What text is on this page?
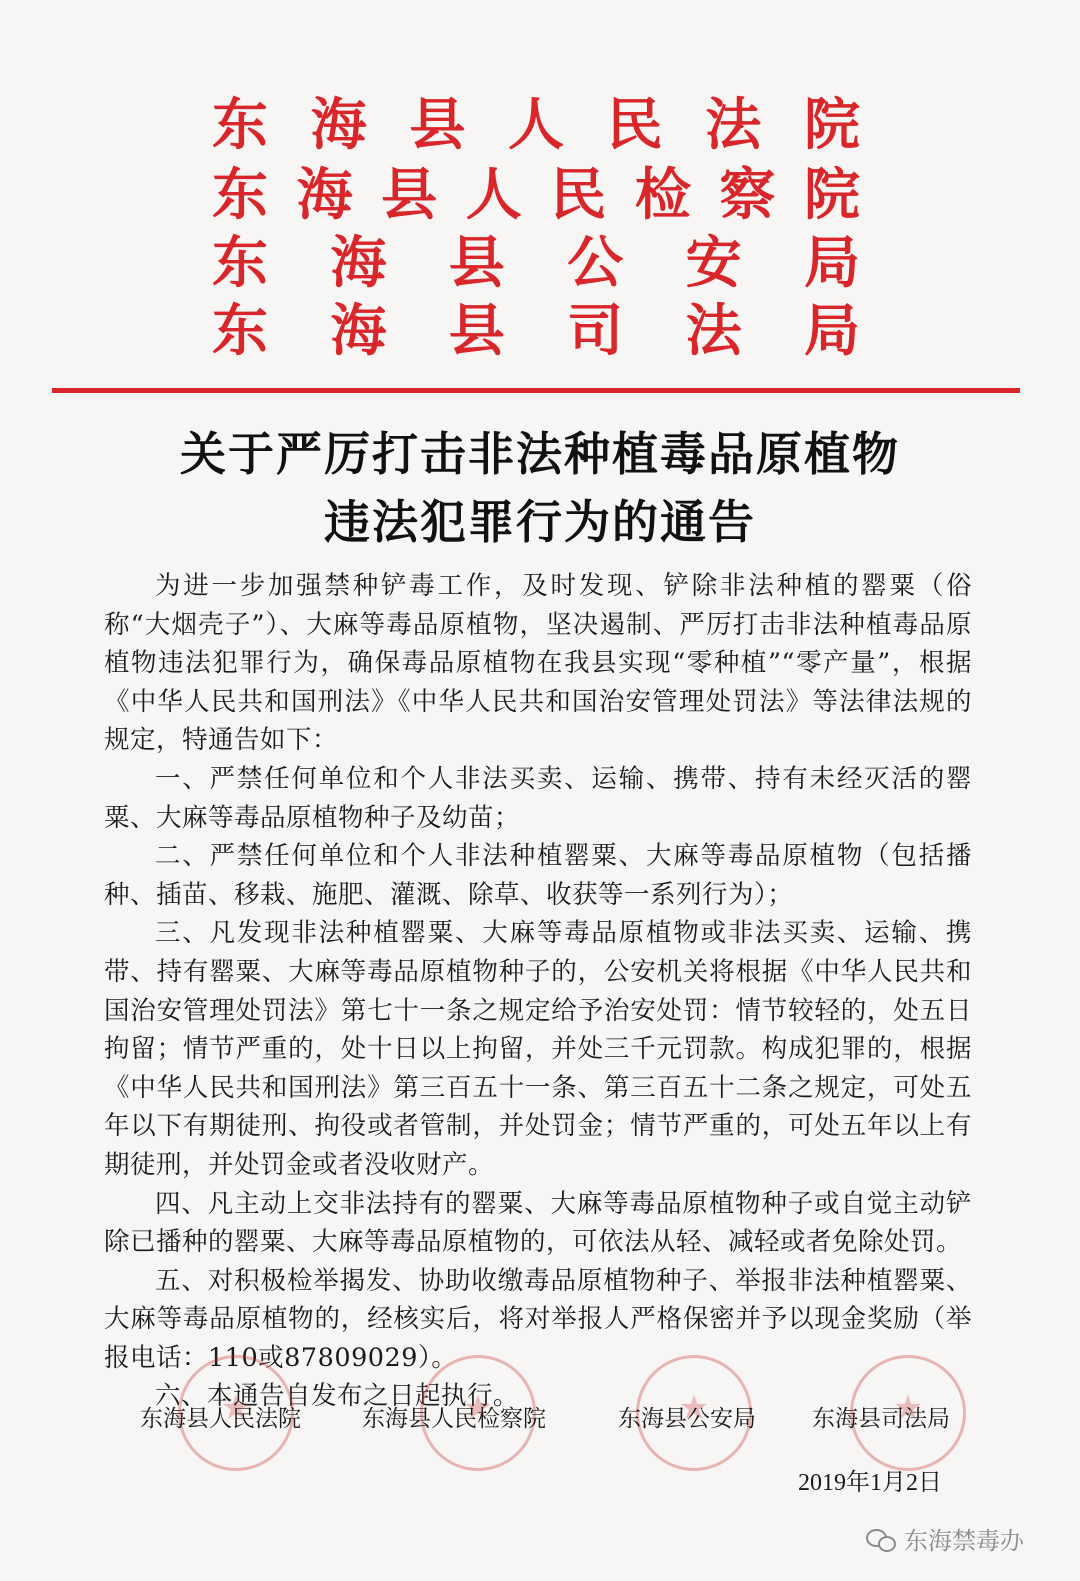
东 海 县 人 民 法 院
东 海 县 人 民 检 察 院
东 海 县 公 安 局
东 海 县 司 法 局
关于严厉打击非法种植毒品原植物
违法犯罪行为的通告

为进一步加强禁种铲毒工作，及时发现、铲除非法种植的罂粟（俗称“大烟壳子”）、大麻等毒品原植物，坚决遏制、严厉打击非法种植毒品原植物违法犯罪行为，确保毒品原植物在我县实现“零种植”“零产量”，根据《中华人民共和国刑法》《中华人民共和国治安管理处罚法》等法律法规的规定，特通告如下：

一、严禁任何单位和个人非法买卖、运输、携带、持有未经灭活的罂粟、大麻等毒品原植物种子及幼苗；

二、严禁任何单位和个人非法种植罂粟、大麻等毒品原植物（包括播种、插苗、移栽、施肥、灌溉、除草、收获等一系列行为）；

三、凡发现非法种植罂粟、大麻等毒品原植物或非法买卖、运输、携带、持有罂粟、大麻等毒品原植物种子的，公安机关将根据《中华人民共和国治安管理处罚法》第七十一条之规定给予治安处罚：情节较轻的，处五日拘留；情节严重的，处十日以上拘留，并处三千元罚款。构成犯罪的，根据《中华人民共和国刑法》第三百五十一条、第三百五十二条之规定，可处五年以下有期徒刑、拘役或者管制，并处罚金；情节严重的，可处五年以上有期徒刑，并处罚金或者没收财产。

四、凡主动上交非法持有的罂粟、大麻等毒品原植物种子或自觉主动铲除已播种的罂粟、大麻等毒品原植物的，可依法从轻、减轻或者免除处罚。

五、对积极检举揭发、协助收缴毒品原植物种子、举报非法种植罂粟、大麻等毒品原植物的，经核实后，将对举报人严格保密并予以现金奖励（举报电话：110或87809029）。

六、本通告自发布之日起执行。

★
★
★
★
东海县人民法院	东海县人民检察院	东海县公安局 东海县司法局
2019年1月2日
东海禁毒办
